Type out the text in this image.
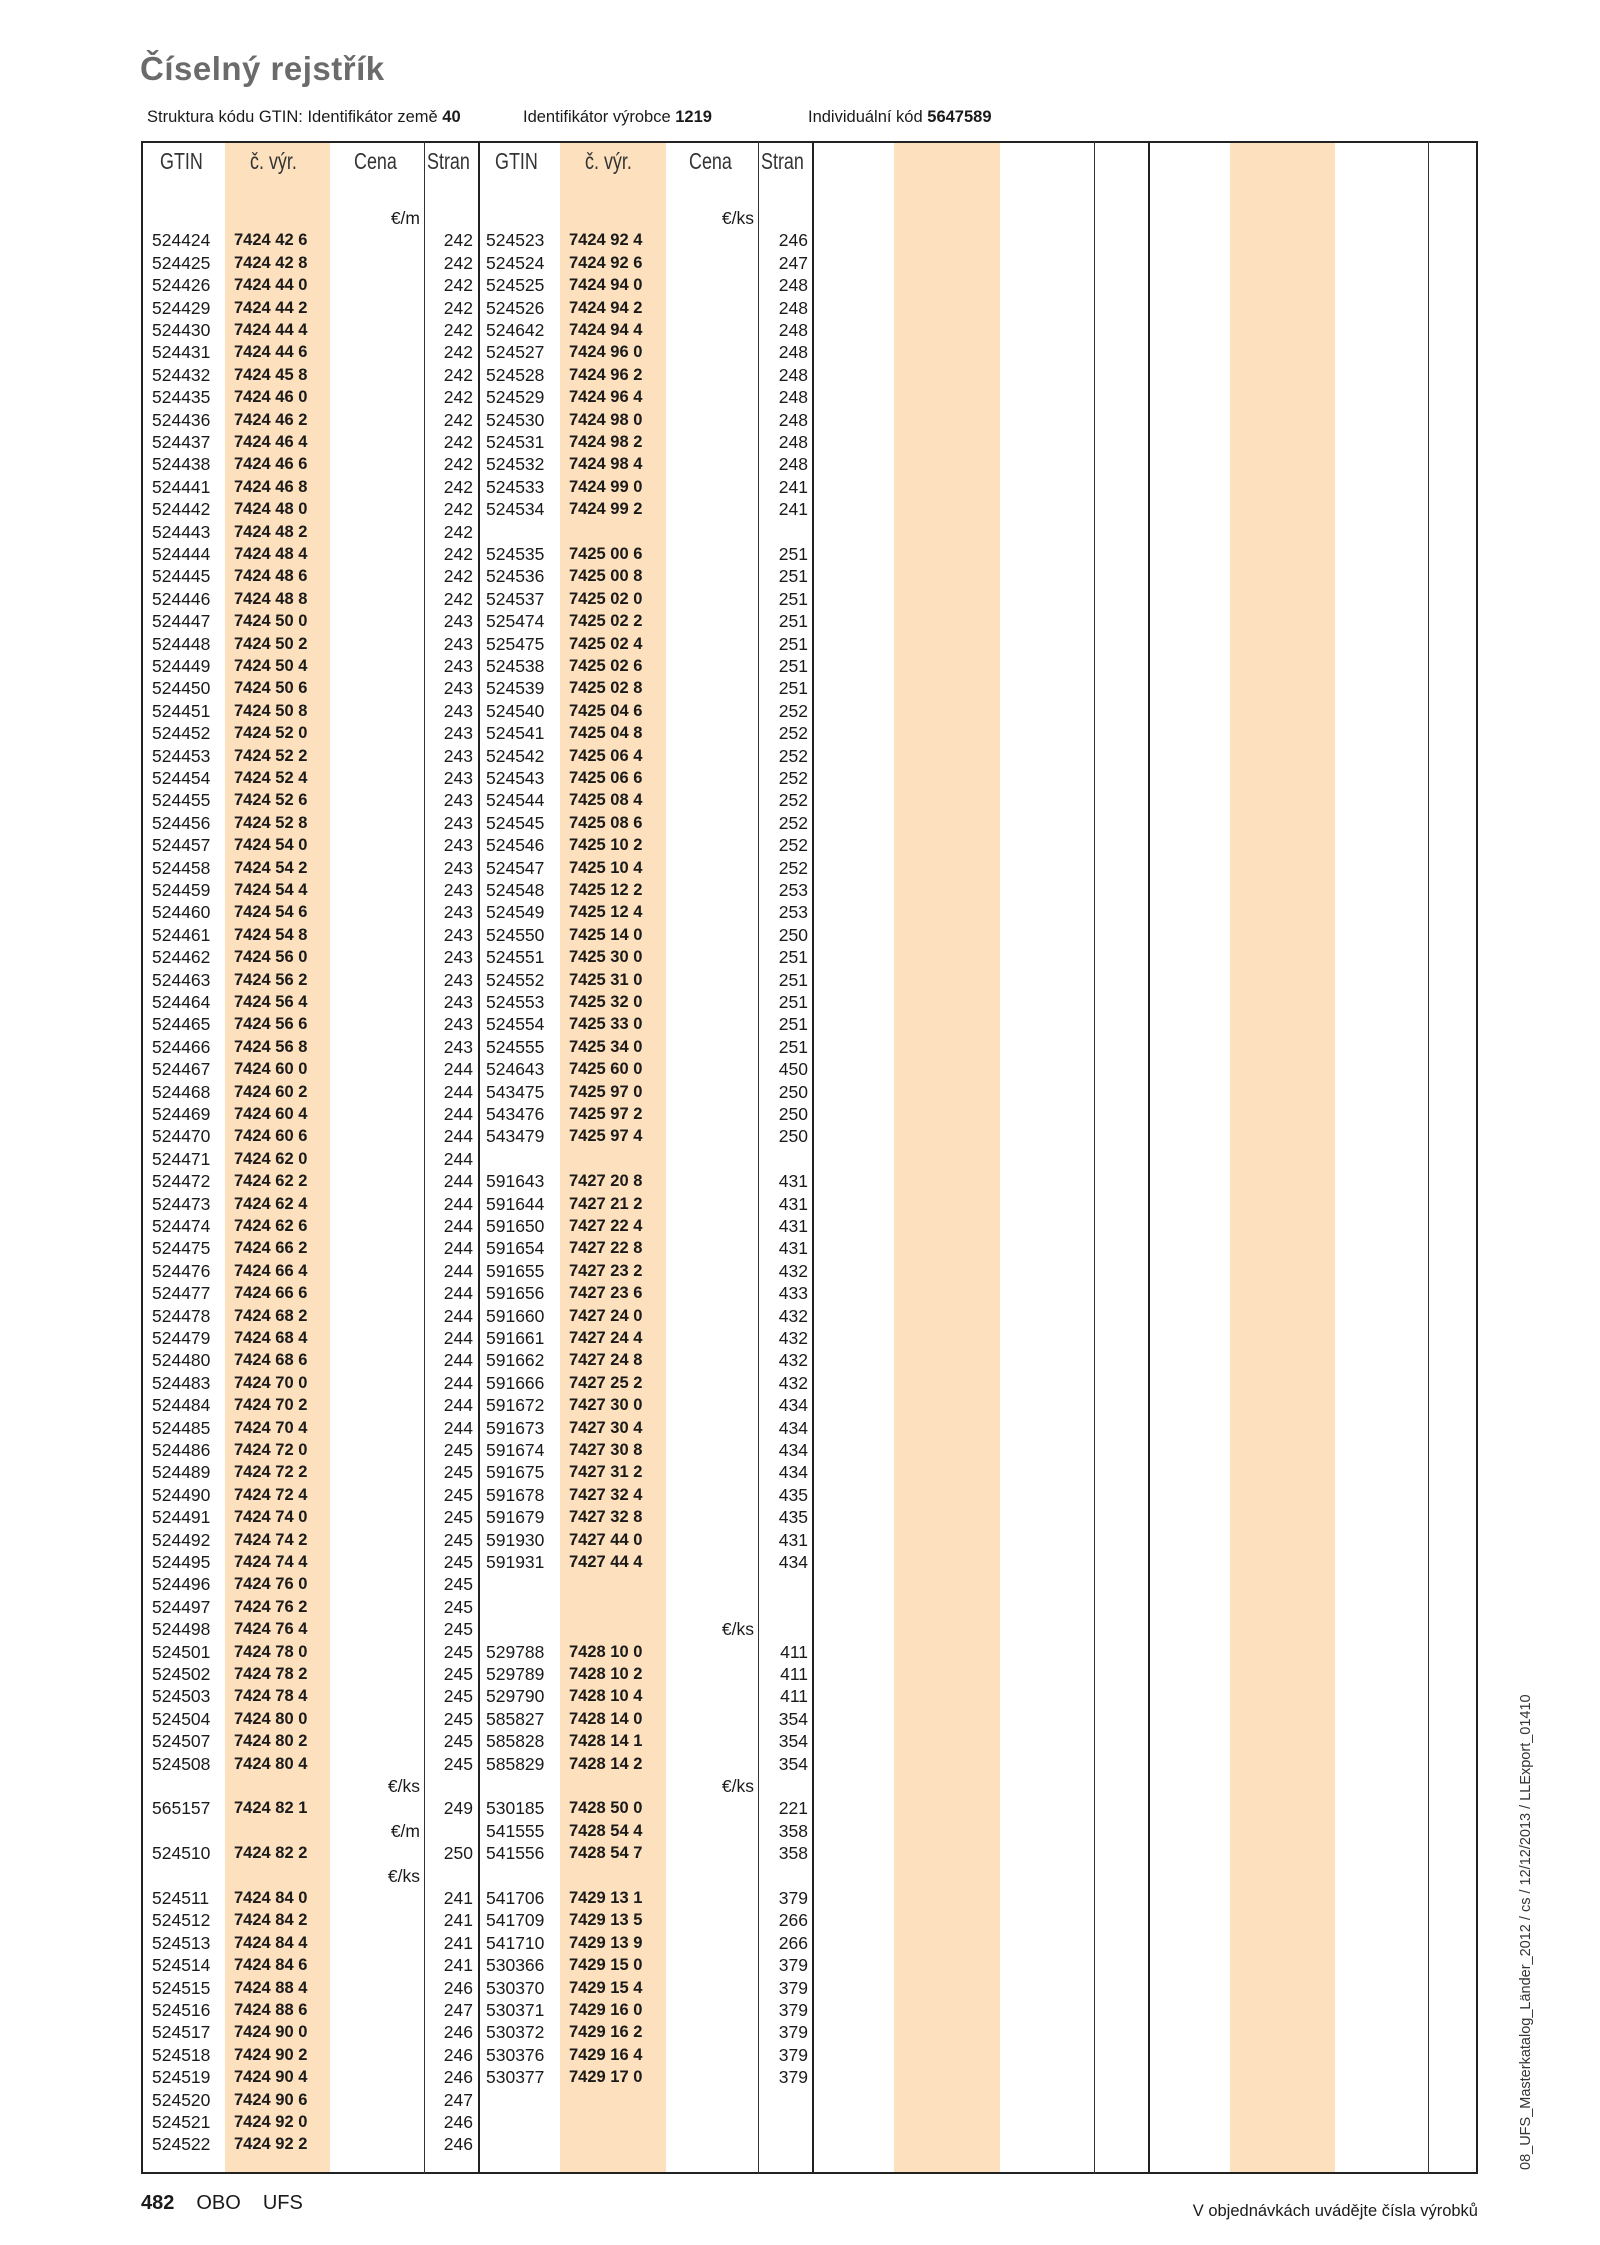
Číselný rejstřík
Struktura kódu GTIN: Identifikátor země 40	Identifikátor výrobce 1219	Individuální kód 5647589
GTIN č. výr. Cena Stran GTIN č. výr. Cena Stran
€/m
524424 7424 42 6	242
524425 7424 42 8	242
524426 7424 44 0	242
524429 7424 44 2	242
524430 7424 44 4	242
524431 7424 44 6	242
524432 7424 45 8	242
524435 7424 46 0	242
524436 7424 46 2	242
524437 7424 46 4	242
524438 7424 46 6	242
524441 7424 46 8	242
524442 7424 48 0	242
524443 7424 48 2	242
524444 7424 48 4	242
524445 7424 48 6	242
524446 7424 48 8	242
524447 7424 50 0	243
524448 7424 50 2	243
524449 7424 50 4	243
524450 7424 50 6	243
524451 7424 50 8	243
524452 7424 52 0	243
524453 7424 52 2	243
524454 7424 52 4	243
524455 7424 52 6	243
524456 7424 52 8	243
524457 7424 54 0	243
524458 7424 54 2	243
524459 7424 54 4	243
524460 7424 54 6	243
524461 7424 54 8	243
524462 7424 56 0	243
524463 7424 56 2	243
524464 7424 56 4	243
524465 7424 56 6	243
524466 7424 56 8	243
524467 7424 60 0	244
524468 7424 60 2	244
524469 7424 60 4	244
524470 7424 60 6	244
524471 7424 62 0	244
524472 7424 62 2	244
524473 7424 62 4	244
524474 7424 62 6	244
524475 7424 66 2	244
524476 7424 66 4	244
524477 7424 66 6	244
524478 7424 68 2	244
524479 7424 68 4	244
524480 7424 68 6	244
524483 7424 70 0	244
524484 7424 70 2	244
524485 7424 70 4	244
524486 7424 72 0	245
524489 7424 72 2	245
524490 7424 72 4	245
524491 7424 74 0	245
524492 7424 74 2	245
524495 7424 74 4	245
524496 7424 76 0	245
524497 7424 76 2	245
524498 7424 76 4	245
524501 7424 78 0	245
524502 7424 78 2	245
524503 7424 78 4	245
524504 7424 80 0	245
524507 7424 80 2	245
524508 7424 80 4	245
€/ks
565157 7424 82 1	249
€/m
524510 7424 82 2	250
€/ks
524511 7424 84 0	241
524512 7424 84 2	241
524513 7424 84 4	241
524514 7424 84 6	241
524515 7424 88 4	246
524516 7424 88 6	247
524517 7424 90 0	246
524518 7424 90 2	246
524519 7424 90 4	246
524520 7424 90 6	247
524521 7424 92 0	246
524522 7424 92 2	246
€/ks
524523 7424 92 4	246
524524 7424 92 6	247
524525 7424 94 0	248
524526 7424 94 2	248
524642 7424 94 4	248
524527 7424 96 0	248
524528 7424 96 2	248
524529 7424 96 4	248
524530 7424 98 0	248
524531 7424 98 2	248
524532 7424 98 4	248
524533 7424 99 0	241
524534 7424 99 2	241
524535 7425 00 6	251
524536 7425 00 8	251
524537 7425 02 0	251
525474 7425 02 2	251
525475 7425 02 4	251
524538 7425 02 6	251
524539 7425 02 8	251
524540 7425 04 6	252
524541 7425 04 8	252
524542 7425 06 4	252
524543 7425 06 6	252
524544 7425 08 4	252
524545 7425 08 6	252
524546 7425 10 2	252
524547 7425 10 4	252
524548 7425 12 2	253
524549 7425 12 4	253
524550 7425 14 0	250
524551 7425 30 0	251
524552 7425 31 0	251
524553 7425 32 0	251
524554 7425 33 0	251
524555 7425 34 0	251
524643 7425 60 0	450
543475 7425 97 0	250
543476 7425 97 2	250
543479 7425 97 4	250
591643 7427 20 8	431
591644 7427 21 2	431
591650 7427 22 4	431
591654 7427 22 8	431
591655 7427 23 2	432
591656 7427 23 6	433
591660 7427 24 0	432
591661 7427 24 4	432
591662 7427 24 8	432
591666 7427 25 2	432
591672 7427 30 0	434
591673 7427 30 4	434
591674 7427 30 8	434
591675 7427 31 2	434
591678 7427 32 4	435
591679 7427 32 8	435
591930 7427 44 0	431
591931 7427 44 4	434
€/ks
529788 7428 10 0	411
529789 7428 10 2	411
529790 7428 10 4	411
585827 7428 14 0	354
585828 7428 14 1	354
585829 7428 14 2	354
€/ks
530185 7428 50 0	221
541555 7428 54 4	358
541556 7428 54 7	358
541706 7429 13 1	379
541709 7429 13 5	266
541710 7429 13 9	266
530366 7429 15 0	379
530370 7429 15 4	379
530371 7429 16 0	379
530372 7429 16 2	379
530376 7429 16 4	379
530377 7429 17 0	379
482 OBO UFS	V objednávkách uvádějte čísla výrobků
08_UFS_Masterkatalog_Länder_2012 / cs / 12/12/2013 / LLExport_01410
